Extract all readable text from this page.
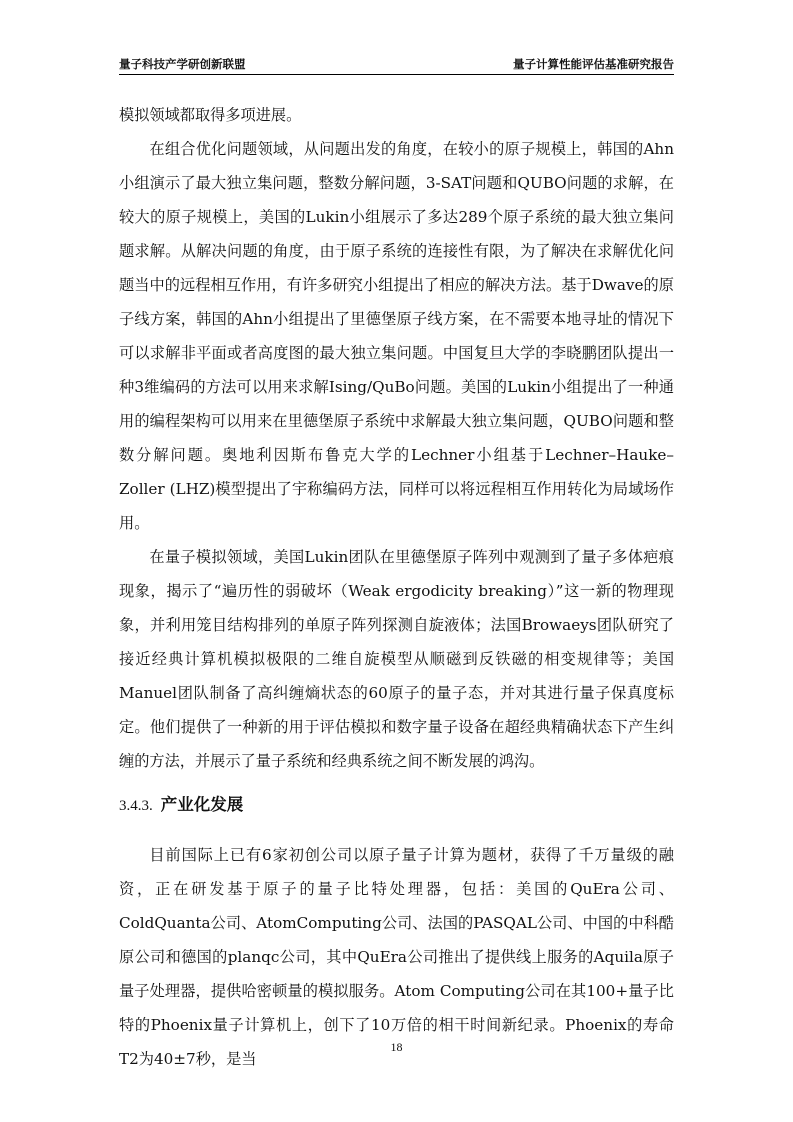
量子科技产学研创新联盟	量子计算性能评估基准研究报告

模拟领域都取得多项进展。

在组合优化问题领域，从问题出发的角度，在较小的原子规模上，韩国的Ahn小组演示了最大独立集问题，整数分解问题，3-SAT问题和QUBO问题的求解，在较大的原子规模上，美国的Lukin小组展示了多达289个原子系统的最大独立集问题求解。从解决问题的角度，由于原子系统的连接性有限，为了解决在求解优化问题当中的远程相互作用，有许多研究小组提出了相应的解决方法。基于Dwave的原子线方案，韩国的Ahn小组提出了里德堡原子线方案，在不需要本地寻址的情况下可以求解非平面或者高度图的最大独立集问题。中国复旦大学的李晓鹏团队提出一种3维编码的方法可以用来求解Ising/QuBo问题。美国的Lukin小组提出了一种通用的编程架构可以用来在里德堡原子系统中求解最大独立集问题，QUBO问题和整数分解问题。奥地利因斯布鲁克大学的Lechner小组基于Lechner–Hauke–Zoller (LHZ)模型提出了宇称编码方法，同样可以将远程相互作用转化为局域场作用。

在量子模拟领域，美国Lukin团队在里德堡原子阵列中观测到了量子多体疤痕现象，揭示了“遍历性的弱破坏（Weak ergodicity breaking）”这一新的物理现象，并利用笼目结构排列的单原子阵列探测自旋液体；法国Browaeys团队研究了接近经典计算机模拟极限的二维自旋模型从顺磁到反铁磁的相变规律等；美国Manuel团队制备了高纠缠熵状态的60原子的量子态，并对其进行量子保真度标定。他们提供了一种新的用于评估模拟和数字量子设备在超经典精确状态下产生纠缠的方法，并展示了量子系统和经典系统之间不断发展的鸿沟。

3.4.3. 产业化发展

目前国际上已有6家初创公司以原子量子计算为题材，获得了千万量级的融资，正在研发基于原子的量子比特处理器，包括：美国的QuEra公司、ColdQuanta公司、AtomComputing公司、法国的PASQAL公司、中国的中科酷原公司和德国的planqc公司，其中QuEra公司推出了提供线上服务的Aquila原子量子处理器，提供哈密顿量的模拟服务。Atom Computing公司在其100+量子比特的Phoenix量子计算机上，创下了10万倍的相干时间新纪录。Phoenix的寿命T2为40±7秒，是当

18
